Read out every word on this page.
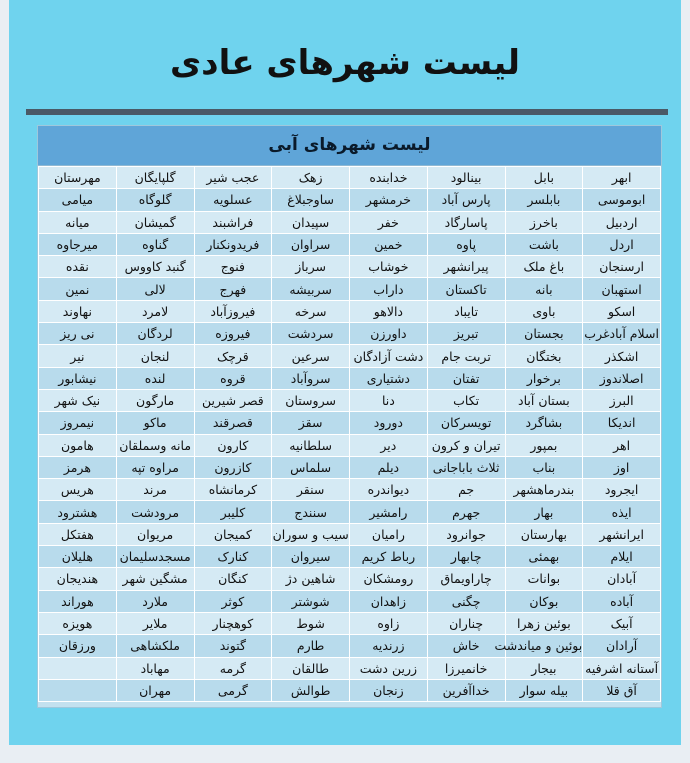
لیست شهرهای عادی
لیست شهرهای آبی
ابهر	بابل	بینالود	خدابنده	زهک	عجب شیر	گلپایگان	مهرستان
ابوموسی	بابلسر	پارس آباد	خرمشهر	ساوجبلاغ	عسلویه	گلوگاه	میامی
اردبیل	باخرز	پاسارگاد	خفر	سپیدان	فراشبند	گمیشان	میانه
اردل	باشت	پاوه	خمین	سراوان	فریدونکنار	گناوه	میرجاوه
ارسنجان	باغ ملک	پیرانشهر	خوشاب	سرباز	فنوج	گنبد کاووس	نقده
استهبان	بانه	تاکستان	داراب	سربیشه	فهرج	لالی	نمین
اسکو	باوی	تایباد	دالاهو	سرخه	فیروزآباد	لامرد	نهاوند
اسلام آبادغرب	بجستان	تبریز	داورزن	سردشت	فیروزه	لردگان	نی ریز
اشکذر	بختگان	تربت جام	دشت آزادگان	سرعین	قرچک	لنجان	نیر
اصلاندوز	برخوار	تفتان	دشتیاری	سروآباد	قروه	لنده	نیشابور
البرز	بستان آباد	تکاب	دنا	سروستان	قصر شیرین	مارگون	نیک شهر
اندیکا	بشاگرد	تویسرکان	دورود	سقز	قصرقند	ماکو	نیمروز
اهر	بمپور	تیران و کرون	دیر	سلطانیه	کارون	مانه وسملقان	هامون
اوز	بناب	ثلاث باباجانی	دیلم	سلماس	کازرون	مراوه تپه	هرمز
ایجرود	بندرماهشهر	جم	دیواندره	سنقر	کرمانشاه	مرند	هریس
ایذه	بهار	جهرم	رامشیر	سنندج	کلیبر	مرودشت	هشترود
ایرانشهر	بهارستان	جوانرود	رامیان	سیب و سوران	کمیجان	مریوان	هفتکل
ایلام	بهمئی	چابهار	رباط کریم	سیروان	کنارک	مسجدسلیمان	هلیلان
آبادان	بوانات	چاراویماق	رومشکان	شاهین دژ	کنگان	مشگین شهر	هندیجان
آباده	بوکان	چگنی	زاهدان	شوشتر	کوثر	ملارد	هوراند
آبیک	بوئین زهرا	چناران	زاوه	شوط	کوهچنار	ملایر	هویزه
آرادان	بوئین و میاندشت	خاش	زرندیه	طارم	گتوند	ملکشاهی	ورزقان
آستانه اشرفیه	بیجار	خانمیرزا	زرین دشت	طالقان	گرمه	مهاباد	
آق قلا	بیله سوار	خداآفرین	زنجان	طوالش	گرمی	مهران	
